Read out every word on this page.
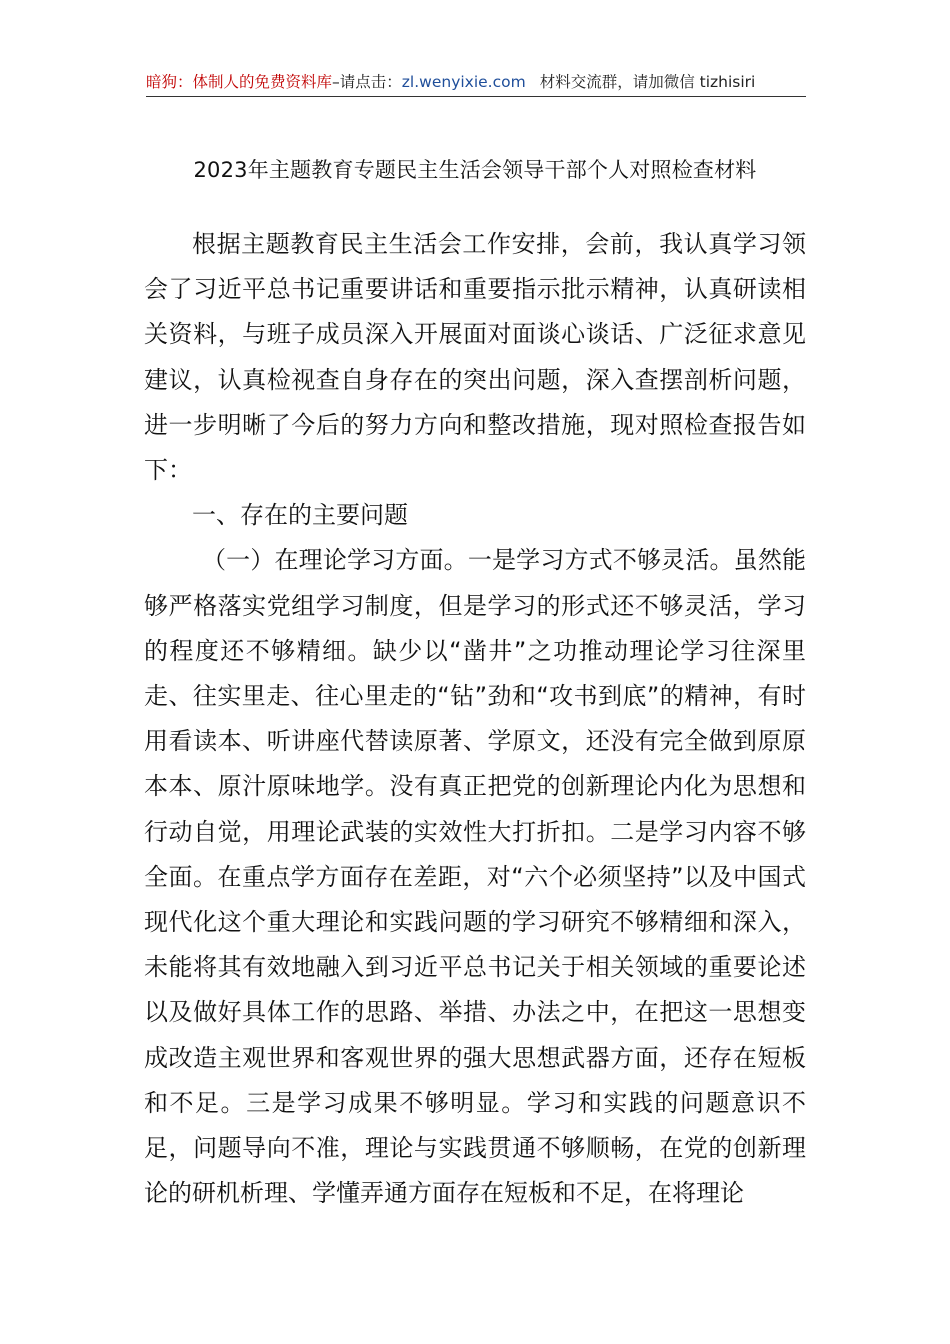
暗狗：体制人的免费资料库–请点击：zl.wenyixie.com 材料交流群，请加微信 tizhisiri
2023年主题教育专题民主生活会领导干部个人对照检查材料

根据主题教育民主生活会工作安排，会前，我认真学习领会了习近平总书记重要讲话和重要指示批示精神，认真研读相关资料，与班子成员深入开展面对面谈心谈话、广泛征求意见建议，认真检视查自身存在的突出问题，深入查摆剖析问题，进一步明晰了今后的努力方向和整改措施，现对照检查报告如下：

一、存在的主要问题

（一）在理论学习方面。一是学习方式不够灵活。虽然能够严格落实党组学习制度，但是学习的形式还不够灵活，学习的程度还不够精细。缺少以“凿井”之功推动理论学习往深里走、往实里走、往心里走的“钻”劲和“攻书到底”的精神，有时用看读本、听讲座代替读原著、学原文，还没有完全做到原原本本、原汁原味地学。没有真正把党的创新理论内化为思想和行动自觉，用理论武装的实效性大打折扣。二是学习内容不够全面。在重点学方面存在差距，对“六个必须坚持”以及中国式现代化这个重大理论和实践问题的学习研究不够精细和深入，未能将其有效地融入到习近平总书记关于相关领域的重要论述以及做好具体工作的思路、举措、办法之中，在把这一思想变成改造主观世界和客观世界的强大思想武器方面，还存在短板和不足。三是学习成果不够明显。学习和实践的问题意识不足，问题导向不准，理论与实践贯通不够顺畅，在党的创新理论的研机析理、学懂弄通方面存在短板和不足，在将理论
